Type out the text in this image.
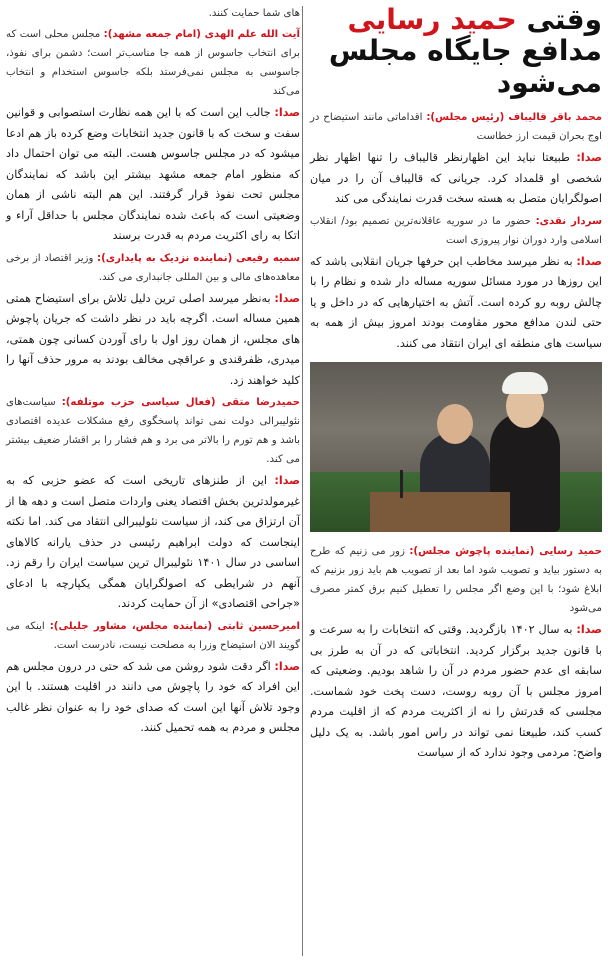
وقتی حمید رسایی
مدافع جایگاه مجلس
می‌شود

محمد باقر قالیباف (رئیس مجلس): اقداماتی مانند استیضاح در اوج بحران قیمت ارز خطاست

صدا: طبیعتا نباید این اظهارنظر قالیباف را تنها اظهار نظر شخصی او قلمداد کرد. جریانی که قالیباف آن را در میان اصولگرایان متصل به هسته سخت قدرت نمایندگی می کند

سردار نقدی: حضور ما در سوریه عاقلانه‌ترین تصمیم بود/ انقلاب اسلامی وارد دوران نوار پیروزی است

صدا: به نظر میرسد مخاطب این حرفها جریان انقلابی باشد که این روزها در مورد مسائل سوریه مساله دار شده و نظام را با چالش روبه رو کرده است. آتش به اختیارهایی که در داخل و یا حتی لندن مدافع محور مقاومت بودند امروز بیش از همه به سیاست های منطقه ای ایران انتقاد می کنند.

حمید رسایی (نماینده پاچوش مجلس): زور می زنیم که طرح به دستور بیاید و تصویب شود اما بعد از تصویب هم باید زور بزنیم که ابلاغ شود؛ با این وضع اگر مجلس را تعطیل کنیم برق کمتر مصرف می‌شود

صدا: به سال ۱۴۰۲ بازگردید. وقتی که انتخابات را به سرعت و با قانون جدید برگزار کردید. انتخاباتی که در آن به طرز بی سابقه ای عدم حضور مردم در آن را شاهد بودیم. وضعیتی که امروز مجلس با آن روبه روست، دست پخت خود شماست. مجلسی که قدرتش را نه از اکثریت مردم که از اقلیت مردم کسب کند، طبیعتا نمی تواند در راس امور باشد. به یک دلیل واضح: مردمی وجود ندارد که از سیاست

های شما حمایت کنند.

آیت الله علم الهدی (امام جمعه مشهد): مجلس محلی است که برای انتخاب جاسوس از همه جا مناسب‌تر است؛ دشمن برای نفوذ، جاسوسی به مجلس نمی‌فرستد بلکه جاسوس استخدام و انتخاب می‌کند

صدا: جالب این است که با این همه نظارت استصوابی و قوانین سفت و سخت که با قانون جدید انتخابات وضع کرده باز هم ادعا میشود که در مجلس جاسوس هست. البته می توان احتمال داد که منظور امام جمعه مشهد بیشتر این باشد که نمایندگان مجلس تحت نفوذ قرار گرفتند. این هم البته ناشی از همان وضعیتی است که باعث شده نمایندگان مجلس با حداقل آراء و اتکا به رای اکثریت مردم به قدرت برسند

سمیه رفیعی (نماینده نزدیک به پایداری): وزیر اقتصاد از برخی معاهده‌های مالی و بین المللی جانبداری می کند.

صدا: به‌نظر میرسد اصلی ترین دلیل تلاش برای استیضاح همتی همین مساله است. اگرچه باید در نظر داشت که جریان پاچوش های مجلس، از همان روز اول با رای آوردن کسانی چون همتی، میدری، ظفرقندی و عراقچی مخالف بودند به مرور حذف آنها را کلید خواهند زد.

حمیدرضا متقی (فعال سیاسی حزب موتلفه): سیاست‌های نئولیبرالی دولت نمی تواند پاسخگوی رفع مشکلات عدیده اقتصادی باشد و هم تورم را بالاتر می برد و هم فشار را بر اقشار ضعیف بیشتر می کند.

صدا: این از طنزهای تاریخی است که عضو حزبی که به غیرمولدترین بخش اقتصاد یعنی واردات متصل است و دهه ها از آن ارتزاق می کند، از سیاست نئولیبرالی انتقاد می کند. اما نکته اینجاست که دولت ابراهیم رئیسی در حذف یارانه کالاهای اساسی در سال ۱۴۰۱ نئولیبرال ترین سیاست ایران را رقم زد. آنهم در شرایطی که اصولگرایان همگی یکپارچه با ادعای «جراحی اقتصادی» از آن حمایت کردند.

امیرحسین ثابتی (نماینده مجلس، مشاور جلیلی): اینکه می گویند الان استیضاح وزرا به مصلحت نیست، نادرست است.

صدا: اگر دقت شود روشن می شد که حتی در درون مجلس هم این افراد که خود را پاچوش می دانند در اقلیت هستند. با این وجود تلاش آنها این است که صدای خود را به عنوان نظر غالب مجلس و مردم به همه تحمیل کنند.
